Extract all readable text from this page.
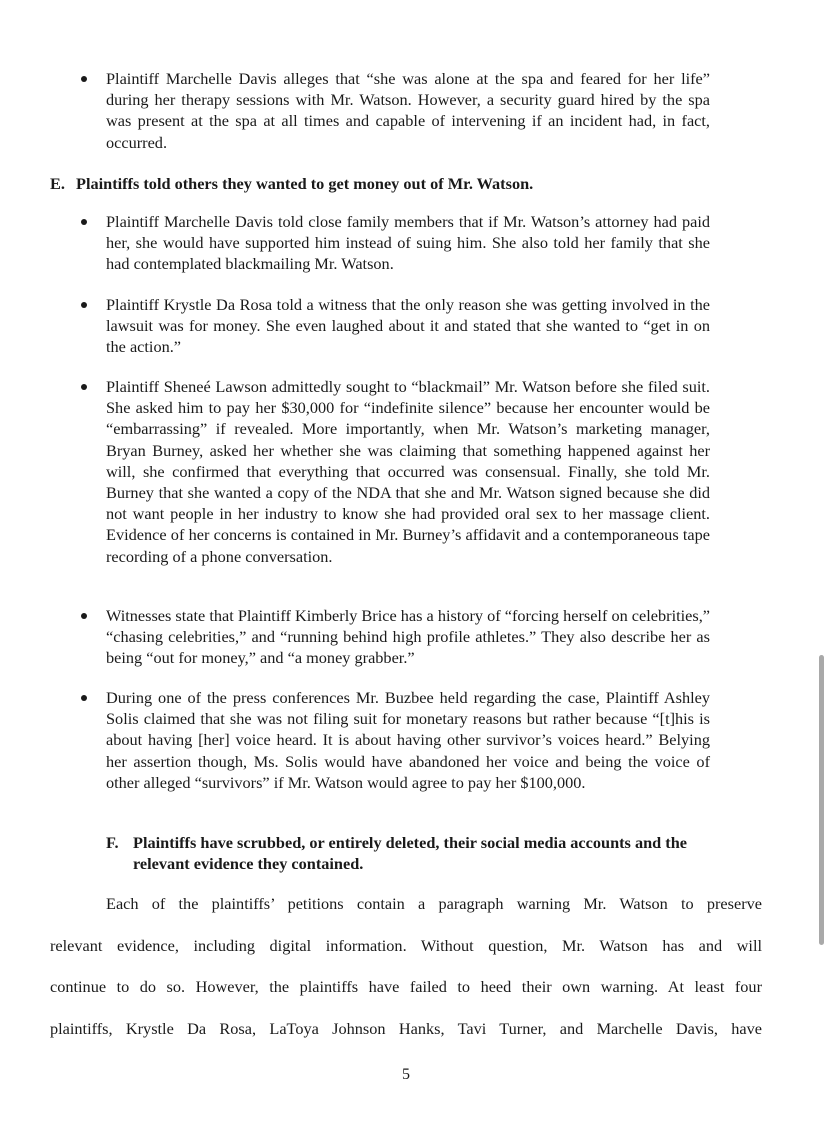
Plaintiff Marchelle Davis alleges that “she was alone at the spa and feared for her life” during her therapy sessions with Mr. Watson. However, a security guard hired by the spa was present at the spa at all times and capable of intervening if an incident had, in fact, occurred.
E. Plaintiffs told others they wanted to get money out of Mr. Watson.
Plaintiff Marchelle Davis told close family members that if Mr. Watson’s attorney had paid her, she would have supported him instead of suing him. She also told her family that she had contemplated blackmailing Mr. Watson.
Plaintiff Krystle Da Rosa told a witness that the only reason she was getting involved in the lawsuit was for money. She even laughed about it and stated that she wanted to “get in on the action.”
Plaintiff Sheneé Lawson admittedly sought to “blackmail” Mr. Watson before she filed suit. She asked him to pay her $30,000 for “indefinite silence” because her encounter would be “embarrassing” if revealed. More importantly, when Mr. Watson’s marketing manager, Bryan Burney, asked her whether she was claiming that something happened against her will, she confirmed that everything that occurred was consensual. Finally, she told Mr. Burney that she wanted a copy of the NDA that she and Mr. Watson signed because she did not want people in her industry to know she had provided oral sex to her massage client. Evidence of her concerns is contained in Mr. Burney’s affidavit and a contemporaneous tape recording of a phone conversation.
Witnesses state that Plaintiff Kimberly Brice has a history of “forcing herself on celebrities,” “chasing celebrities,” and “running behind high profile athletes.” They also describe her as being “out for money,” and “a money grabber.”
During one of the press conferences Mr. Buzbee held regarding the case, Plaintiff Ashley Solis claimed that she was not filing suit for monetary reasons but rather because “[t]his is about having [her] voice heard. It is about having other survivor’s voices heard.” Belying her assertion though, Ms. Solis would have abandoned her voice and being the voice of other alleged “survivors” if Mr. Watson would agree to pay her $100,000.
F. Plaintiffs have scrubbed, or entirely deleted, their social media accounts and the
relevant evidence they contained.
Each of the plaintiffs’ petitions contain a paragraph warning Mr. Watson to preserve
relevant evidence, including digital information. Without question, Mr. Watson has and will
continue to do so. However, the plaintiffs have failed to heed their own warning. At least four
plaintiffs, Krystle Da Rosa, LaToya Johnson Hanks, Tavi Turner, and Marchelle Davis, have
5
